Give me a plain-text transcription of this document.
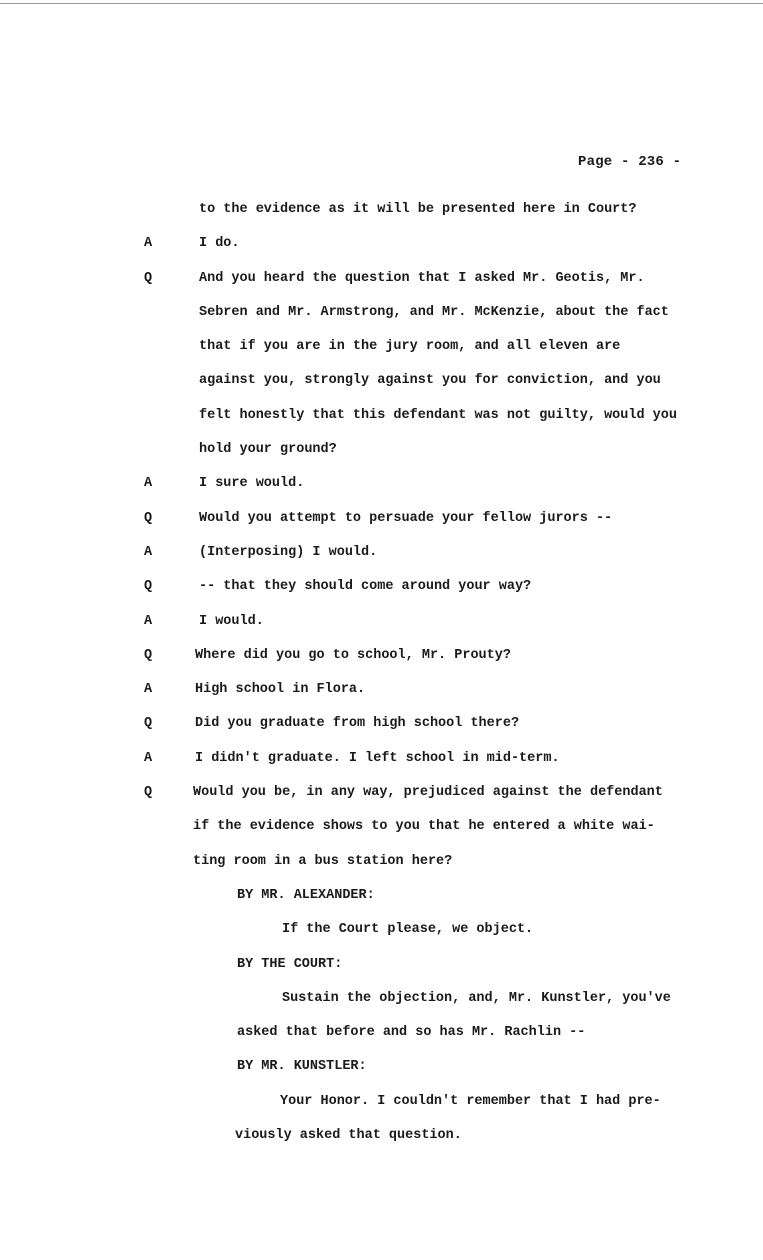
Page - 236 -
to the evidence as it will be presented here in Court?
A	I do.
Q	And you heard the question that I asked Mr. Geotis, Mr.
Sebren and Mr. Armstrong, and Mr. McKenzie, about the fact
that if you are in the jury room, and all eleven are
against you, strongly against you for conviction, and you
felt honestly that this defendant was not guilty, would you
hold your ground?
A	I sure would.
Q	Would you attempt to persuade your fellow jurors --
A	(Interposing) I would.
Q	-- that they should come around your way?
A	I would.
Q	Where did you go to school, Mr. Prouty?
A	High school in Flora.
Q	Did you graduate from high school there?
A	I didn't graduate. I left school in mid-term.
Q	Would you be, in any way, prejudiced against the defendant
if the evidence shows to you that he entered a white wai-
ting room in a bus station here?
BY MR. ALEXANDER:
If the Court please, we object.
BY THE COURT:
Sustain the objection, and, Mr. Kunstler, you've
asked that before and so has Mr. Rachlin --
BY MR. KUNSTLER:
Your Honor. I couldn't remember that I had pre-
viously asked that question.
